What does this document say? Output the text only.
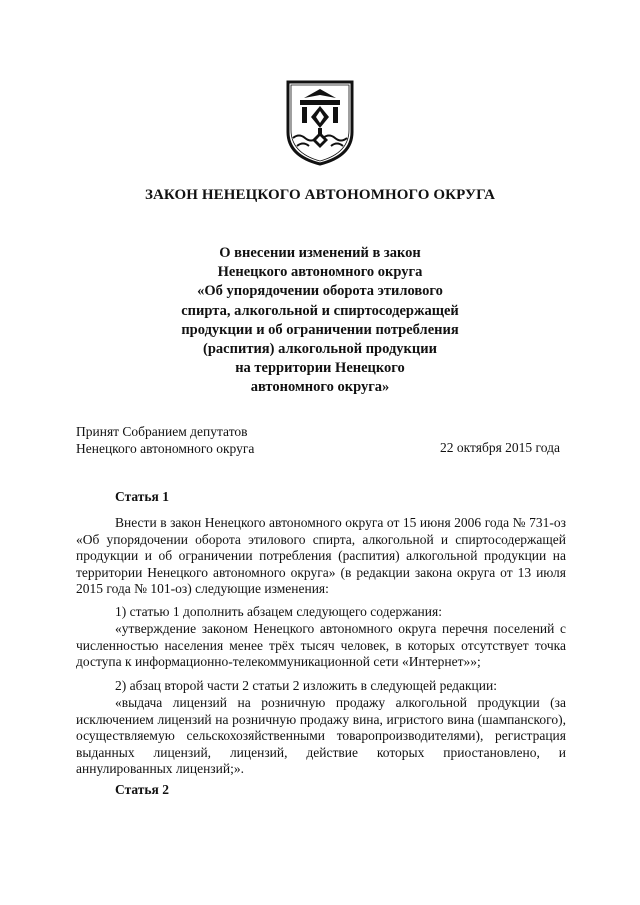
ЗАКОН НЕНЕЦКОГО АВТОНОМНОГО ОКРУГА
О внесении изменений в закон
Ненецкого автономного округа
«Об упорядочении оборота этилового
спирта, алкогольной и спиртосодержащей
продукции и об ограничении потребления
(распития) алкогольной продукции
на территории Ненецкого
автономного округа»
Принят Собранием депутатов
Ненецкого автономного округа	22 октября 2015 года
Статья 1

Внести в закон Ненецкого автономного округа от 15 июня 2006 года № 731-оз «Об упорядочении оборота этилового спирта, алкогольной и спиртосодержащей продукции и об ограничении потребления (распития) алкогольной продукции на территории Ненецкого автономного округа» (в редакции закона округа от 13 июля 2015 года № 101-оз) следующие изменения:

1) статью 1 дополнить абзацем следующего содержания:

«утверждение законом Ненецкого автономного округа перечня поселений с численностью населения менее трёх тысяч человек, в которых отсутствует точка доступа к информационно-телекоммуникационной сети «Интернет»»;

2) абзац второй части 2 статьи 2 изложить в следующей редакции:

«выдача лицензий на розничную продажу алкогольной продукции (за исключением лицензий на розничную продажу вина, игристого вина (шампанского), осуществляемую сельскохозяйственными товаропроизводителями), регистрация выданных лицензий, лицензий, действие которых приостановлено, и аннулированных лицензий;».

Статья 2
